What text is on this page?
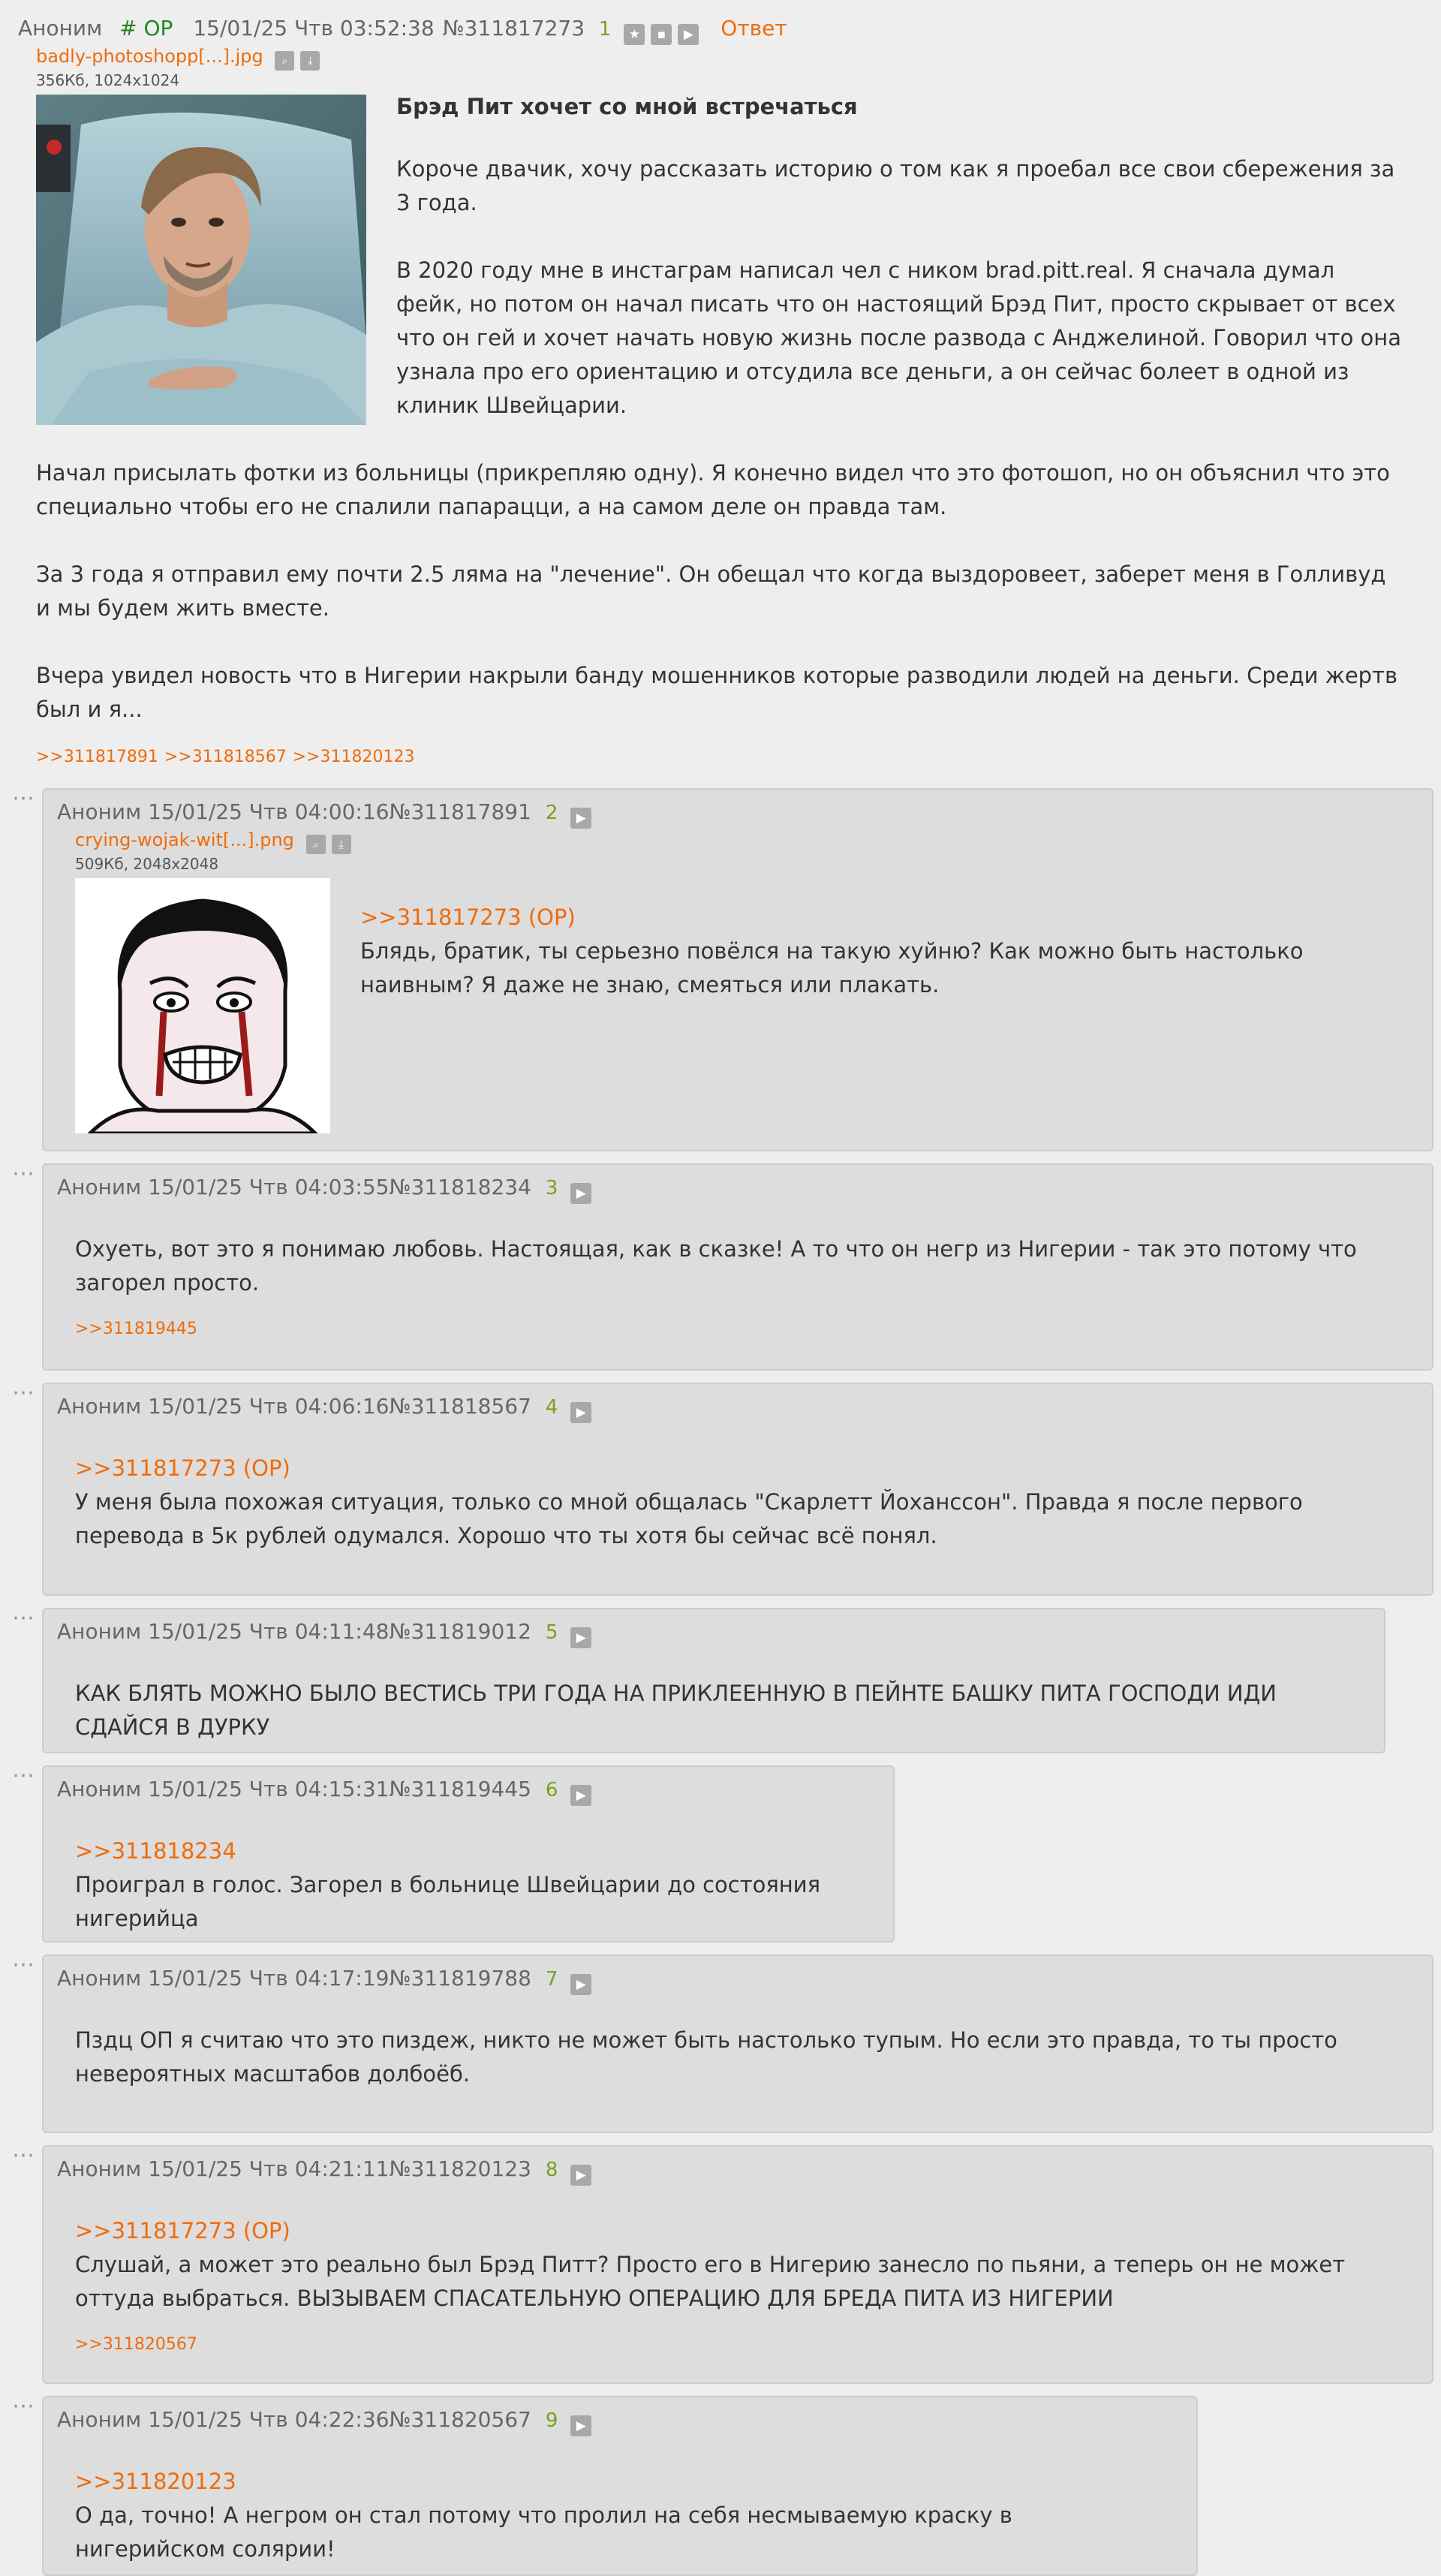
Аноним # OP 15/01/25 Чтв 03:52:38 №311817273 1 ★ ▪ ▶ Ответ
badly-photoshopp[...].jpg ⌕ ⤓
356Кб, 1024x1024

Брэд Пит хочет со мной встречаться

Короче двачик, хочу рассказать историю о том как я проебал все свои сбережения за 3 года.

В 2020 году мне в инстаграм написал чел с ником brad.pitt.real. Я сначала думал фейк, но потом он начал писать что он настоящий Брэд Пит, просто скрывает от всех что он гей и хочет начать новую жизнь после развода с Анджелиной. Говорил что она узнала про его ориентацию и отсудила все деньги, а он сейчас болеет в одной из клиник Швейцарии.

Начал присылать фотки из больницы (прикрепляю одну). Я конечно видел что это фотошоп, но он объяснил что это специально чтобы его не спалили папарацци, а на самом деле он правда там.

За 3 года я отправил ему почти 2.5 ляма на "лечение". Он обещал что когда выздоровеет, заберет меня в Голливуд и мы будем жить вместе.

Вчера увидел новость что в Нигерии накрыли банду мошенников которые разводили людей на деньги. Среди жертв был и я...

>>311817891 >>311818567 >>311820123
⋯
Аноним 15/01/25 Чтв 04:00:16№311817891 2 ▶
crying-wojak-wit[...].png ⌕ ⤓
509Кб, 2048x2048

>>311817273 (OP)

Блядь, братик, ты серьезно повёлся на такую хуйню? Как можно быть настолько наивным? Я даже не знаю, смеяться или плакать.

⋯
Аноним 15/01/25 Чтв 04:03:55№311818234 3 ▶

Охуеть, вот это я понимаю любовь. Настоящая, как в сказке! А то что он негр из Нигерии - так это потому что загорел просто.

>>311819445
⋯
Аноним 15/01/25 Чтв 04:06:16№311818567 4 ▶

>>311817273 (OP)

У меня была похожая ситуация, только со мной общалась "Скарлетт Йоханссон". Правда я после первого перевода в 5к рублей одумался. Хорошо что ты хотя бы сейчас всё понял.

⋯
Аноним 15/01/25 Чтв 04:11:48№311819012 5 ▶

КАК БЛЯТЬ МОЖНО БЫЛО ВЕСТИСЬ ТРИ ГОДА НА ПРИКЛЕЕННУЮ В ПЕЙНТЕ БАШКУ ПИТА ГОСПОДИ ИДИ СДАЙСЯ В ДУРКУ

⋯
Аноним 15/01/25 Чтв 04:15:31№311819445 6 ▶

>>311818234

Проиграл в голос. Загорел в больнице Швейцарии до состояния нигерийца

⋯
Аноним 15/01/25 Чтв 04:17:19№311819788 7 ▶

Пздц ОП я считаю что это пиздеж, никто не может быть настолько тупым. Но если это правда, то ты просто невероятных масштабов долбоёб.

⋯
Аноним 15/01/25 Чтв 04:21:11№311820123 8 ▶

>>311817273 (OP)

Слушай, а может это реально был Брэд Питт? Просто его в Нигерию занесло по пьяни, а теперь он не может оттуда выбраться. ВЫЗЫВАЕМ СПАСАТЕЛЬНУЮ ОПЕРАЦИЮ ДЛЯ БРЕДА ПИТА ИЗ НИГЕРИИ

>>311820567
⋯
Аноним 15/01/25 Чтв 04:22:36№311820567 9 ▶

>>311820123

О да, точно! А негром он стал потому что пролил на себя несмываемую краску в нигерийском солярии!
